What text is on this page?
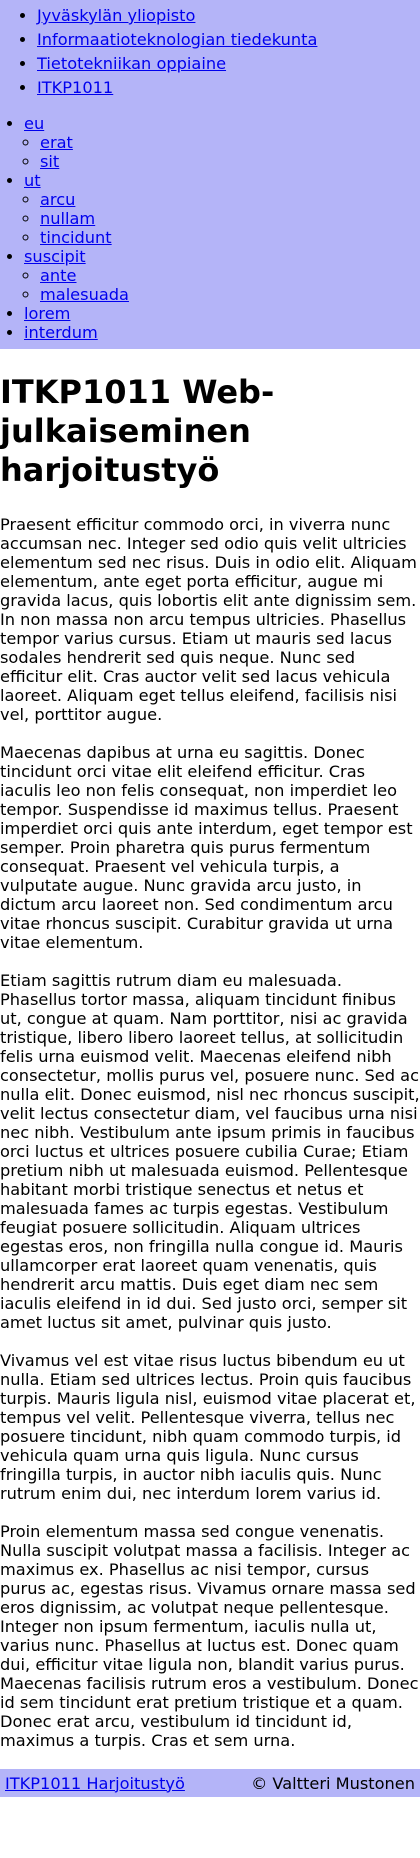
• Jyväskylän yliopisto
• Informaatioteknologian tiedekunta
• Tietotekniikan oppiaine
• ITKP1011
• eu
◦ erat
◦ sit
• ut
◦ arcu
◦ nullam
◦ tincidunt
• suscipit
◦ ante
◦ malesuada
• lorem
• interdum
ITKP1011 Web-julkaiseminen harjoitustyö

Praesent efficitur commodo orci, in viverra nunc accumsan nec. Integer sed odio quis velit ultricies elementum sed nec risus. Duis in odio elit. Aliquam elementum, ante eget porta efficitur, augue mi gravida lacus, quis lobortis elit ante dignissim sem. In non massa non arcu tempus ultricies. Phasellus tempor varius cursus. Etiam ut mauris sed lacus sodales hendrerit sed quis neque. Nunc sed efficitur elit. Cras auctor velit sed lacus vehicula laoreet. Aliquam eget tellus eleifend, facilisis nisi vel, porttitor augue.

Maecenas dapibus at urna eu sagittis. Donec tincidunt orci vitae elit eleifend efficitur. Cras iaculis leo non felis consequat, non imperdiet leo tempor. Suspendisse id maximus tellus. Praesent imperdiet orci quis ante interdum, eget tempor est semper. Proin pharetra quis purus fermentum consequat. Praesent vel vehicula turpis, a vulputate augue. Nunc gravida arcu justo, in dictum arcu laoreet non. Sed condimentum arcu vitae rhoncus suscipit. Curabitur gravida ut urna vitae elementum.

Etiam sagittis rutrum diam eu malesuada. Phasellus tortor massa, aliquam tincidunt finibus ut, congue at quam. Nam porttitor, nisi ac gravida tristique, libero libero laoreet tellus, at sollicitudin felis urna euismod velit. Maecenas eleifend nibh consectetur, mollis purus vel, posuere nunc. Sed ac nulla elit. Donec euismod, nisl nec rhoncus suscipit, velit lectus consectetur diam, vel faucibus urna nisi nec nibh. Vestibulum ante ipsum primis in faucibus orci luctus et ultrices posuere cubilia Curae; Etiam pretium nibh ut malesuada euismod. Pellentesque habitant morbi tristique senectus et netus et malesuada fames ac turpis egestas. Vestibulum feugiat posuere sollicitudin. Aliquam ultrices egestas eros, non fringilla nulla congue id. Mauris ullamcorper erat laoreet quam venenatis, quis hendrerit arcu mattis. Duis eget diam nec sem iaculis eleifend in id dui. Sed justo orci, semper sit amet luctus sit amet, pulvinar quis justo.

Vivamus vel est vitae risus luctus bibendum eu ut nulla. Etiam sed ultrices lectus. Proin quis faucibus turpis. Mauris ligula nisl, euismod vitae placerat et, tempus vel velit. Pellentesque viverra, tellus nec posuere tincidunt, nibh quam commodo turpis, id vehicula quam urna quis ligula. Nunc cursus fringilla turpis, in auctor nibh iaculis quis. Nunc rutrum enim dui, nec interdum lorem varius id.

Proin elementum massa sed congue venenatis. Nulla suscipit volutpat massa a facilisis. Integer ac maximus ex. Phasellus ac nisi tempor, cursus purus ac, egestas risus. Vivamus ornare massa sed eros dignissim, ac volutpat neque pellentesque. Integer non ipsum fermentum, iaculis nulla ut, varius nunc. Phasellus at luctus est. Donec quam dui, efficitur vitae ligula non, blandit varius purus. Maecenas facilisis rutrum eros a vestibulum. Donec id sem tincidunt erat pretium tristique et a quam. Donec erat arcu, vestibulum id tincidunt id, maximus a turpis. Cras et sem urna.

ITKP1011 Harjoitustyö	© Valtteri Mustonen
